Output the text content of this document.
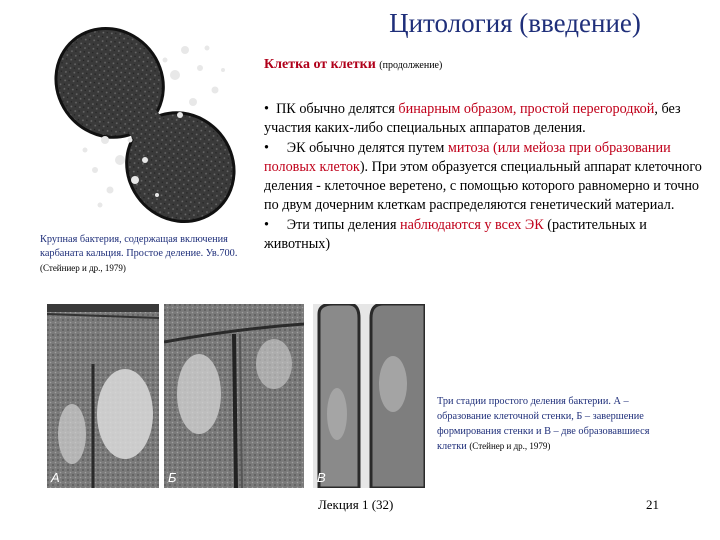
Цитология (введение)
Клетка от клетки (продолжение)
Крупная бактерия, содержащая включения карбаната кальция. Простое деление. Ув.700. (Стейниер и др., 1979)

• ПК обычно делятся бинарным образом, простой перегородкой, без участия каких-либо специальных аппаратов деления.

• ЭК обычно делятся путем митоза (или мейоза при образовании половых клеток). При этом образуется специальный аппарат клеточного деления - клеточное веретено, с помощью которого равномерно и точно по двум дочерним клеткам распределяются генетический материал.

• Эти типы деления наблюдаются у всех ЭК (растительных и животных)

А	Б	В
Три стадии простого деления бактерии. А – образование клеточной стенки, Б – завершение формирования стенки и В – две образовавшиеся клетки (Стейнер и др., 1979)
Лекция 1 (32)	21
